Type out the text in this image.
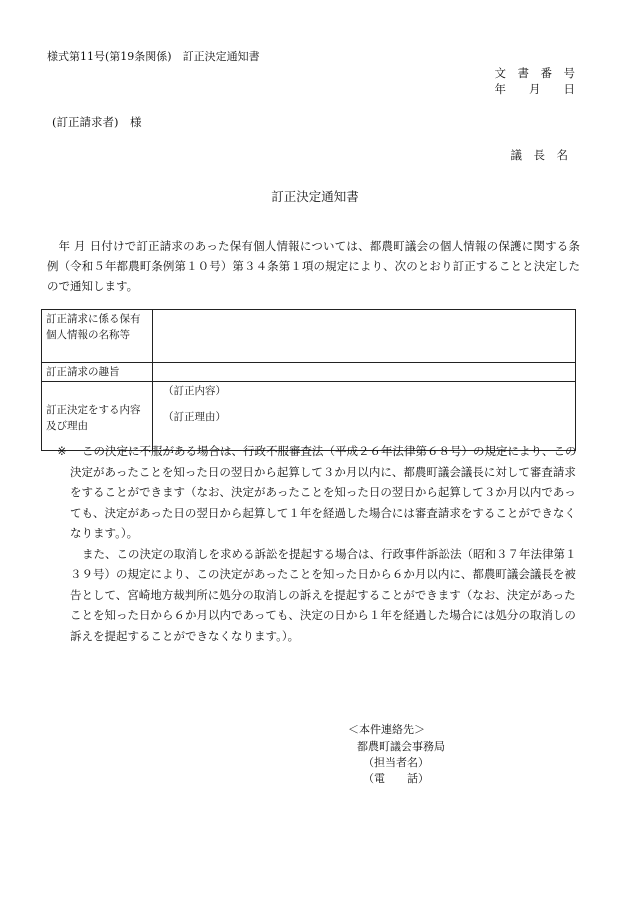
様式第11号(第19条関係)　訂正決定通知書
文　書　番　号
年　　月　　日
(訂正請求者)　様
議　長　名
訂正決定通知書
年 月 日付けで訂正請求のあった保有個人情報については、都農町議会の個人情報の保護に関する条例（令和５年都農町条例第１０号）第３４条第１項の規定により、次のとおり訂正することと決定したので通知します。
訂正請求に係る保有個人情報の名称等	
訂正請求の趣旨	
訂正決定をする内容及び理由	（訂正内容）
（訂正理由）
※	この決定に不服がある場合は、行政不服審査法（平成２６年法律第６８号）の規定により、この決定があったことを知った日の翌日から起算して３か月以内に、都農町議会議長に対して審査請求をすることができます（なお、決定があったことを知った日の翌日から起算して３か月以内であっても、決定があった日の翌日から起算して１年を経過した場合には審査請求をすることができなくなります。）。

また、この決定の取消しを求める訴訟を提起する場合は、行政事件訴訟法（昭和３７年法律第１３９号）の規定により、この決定があったことを知った日から６か月以内に、都農町議会議長を被告として、宮崎地方裁判所に処分の取消しの訴えを提起することができます（なお、決定があったことを知った日から６か月以内であっても、決定の日から１年を経過した場合には処分の取消しの訴えを提起することができなくなります。）。

＜本件連絡先＞
都農町議会事務局
（担当者名）
（電　　話）
